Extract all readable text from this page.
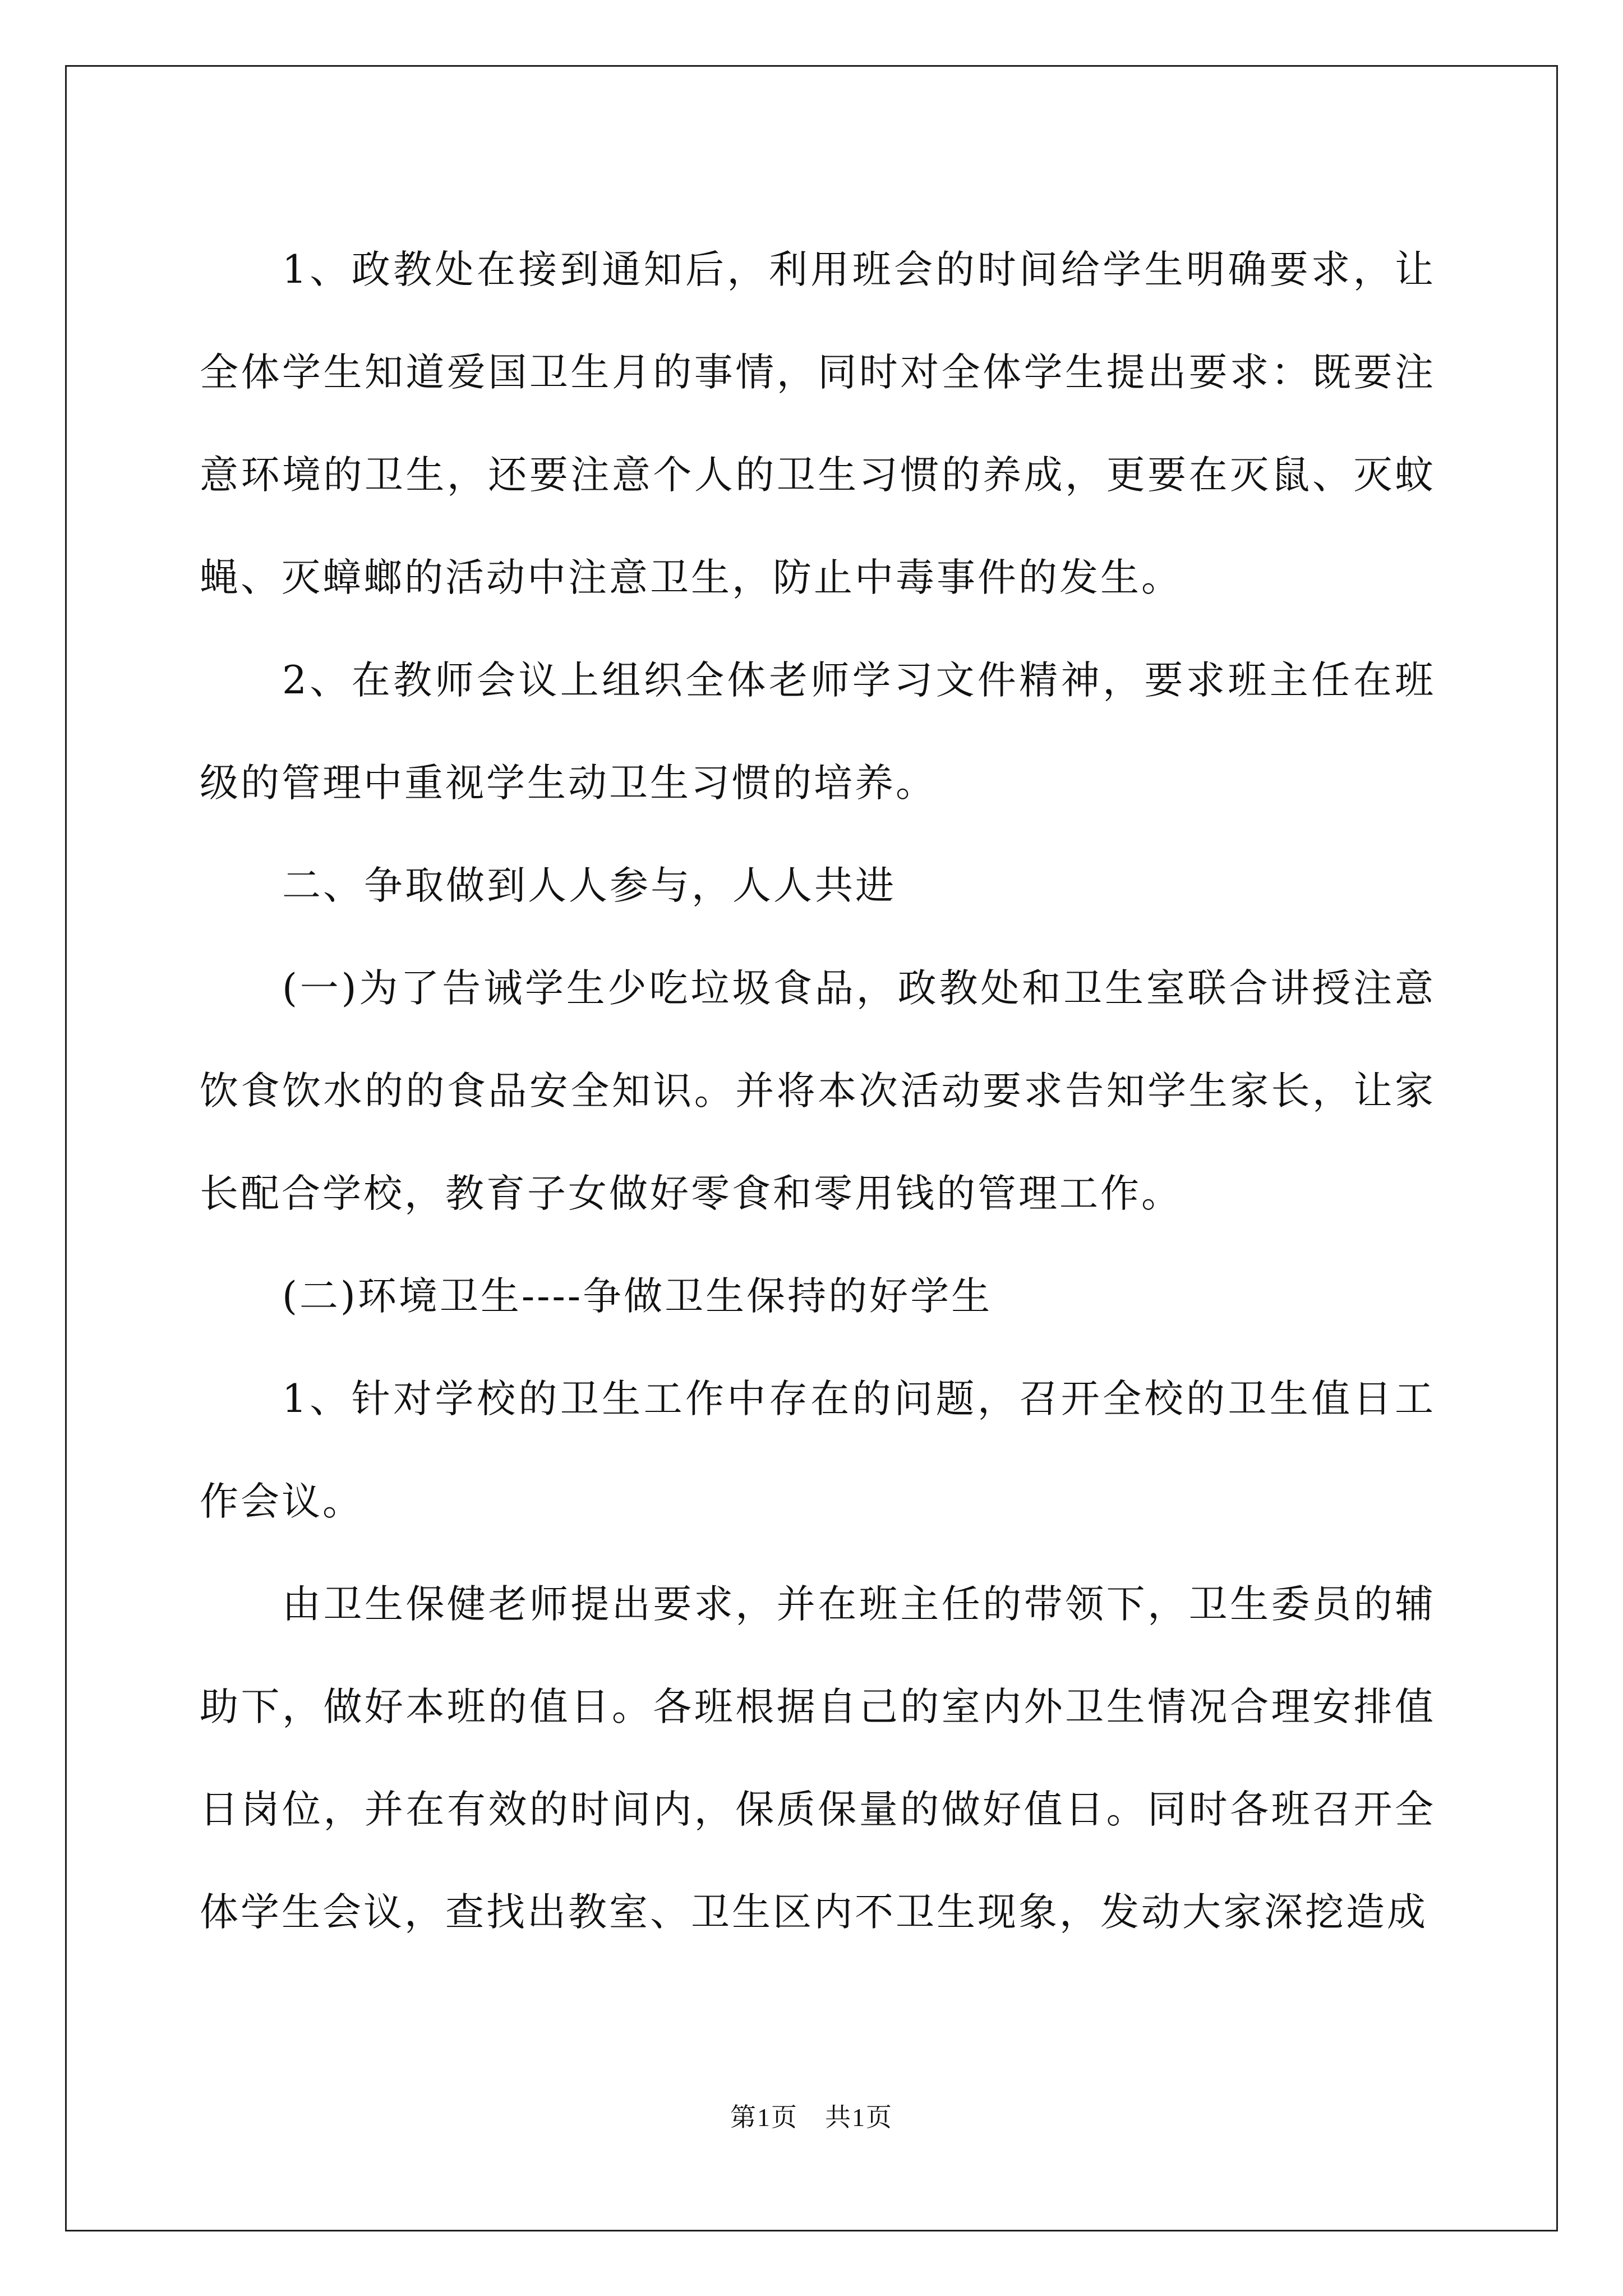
1、政教处在接到通知后，利用班会的时间给学生明确要求，让全体学生知道爱国卫生月的事情，同时对全体学生提出要求：既要注意环境的卫生，还要注意个人的卫生习惯的养成，更要在灭鼠、灭蚊蝇、灭蟑螂的活动中注意卫生，防止中毒事件的发生。

2、在教师会议上组织全体老师学习文件精神，要求班主任在班级的管理中重视学生动卫生习惯的培养。

二、争取做到人人参与，人人共进

(一)为了告诫学生少吃垃圾食品，政教处和卫生室联合讲授注意饮食饮水的的食品安全知识。并将本次活动要求告知学生家长，让家长配合学校，教育子女做好零食和零用钱的管理工作。

(二)环境卫生----争做卫生保持的好学生

1、针对学校的卫生工作中存在的问题，召开全校的卫生值日工作会议。

由卫生保健老师提出要求，并在班主任的带领下，卫生委员的辅助下，做好本班的值日。各班根据自己的室内外卫生情况合理安排值日岗位，并在有效的时间内，保质保量的做好值日。同时各班召开全体学生会议，查找出教室、卫生区内不卫生现象，发动大家深挖造成

第1页　共1页
